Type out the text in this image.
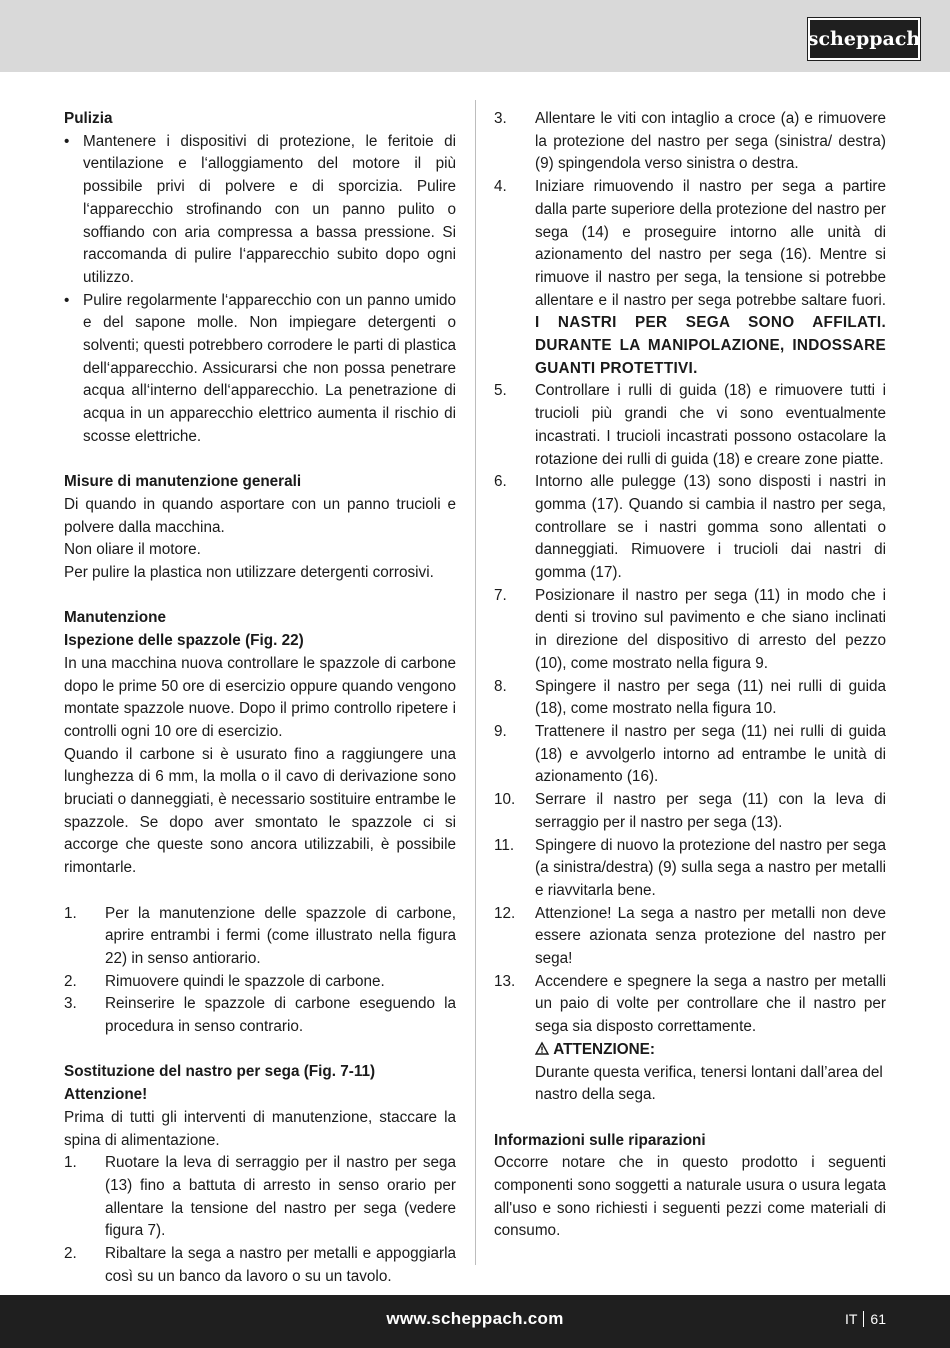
scheppach
Pulizia
• Mantenere i dispositivi di protezione, le feritoie di ventilazione e l‘alloggiamento del motore il più possibile privi di polvere e di sporcizia. Pulire l‘apparecchio strofinando con un panno pulito o soffiando con aria compressa a bassa pressione. Si raccomanda di pulire l‘apparecchio subito dopo ogni utilizzo.
• Pulire regolarmente l‘apparecchio con un panno umido e del sapone molle. Non impiegare detergenti o solventi; questi potrebbero corrodere le parti di plastica dell‘apparecchio. Assicurarsi che non possa penetrare acqua all‘interno dell‘apparecchio. La penetrazione di acqua in un apparecchio elettrico aumenta il rischio di scosse elettriche.
Misure di manutenzione generali

Di quando in quando asportare con un panno trucioli e polvere dalla macchina.

Non oliare il motore.

Per pulire la plastica non utilizzare detergenti corrosivi.

Manutenzione
Ispezione delle spazzole (Fig. 22)

In una macchina nuova controllare le spazzole di carbone dopo le prime 50 ore di esercizio oppure quando vengono montate spazzole nuove. Dopo il primo controllo ripetere i controlli ogni 10 ore di esercizio.

Quando il carbone si è usurato fino a raggiungere una lunghezza di 6 mm, la molla o il cavo di derivazione sono bruciati o danneggiati, è necessario sostituire entrambe le spazzole. Se dopo aver smontato le spazzole ci si accorge che queste sono ancora utilizzabili, è possibile rimontarle.

1. Per la manutenzione delle spazzole di carbone, aprire entrambi i fermi (come illustrato nella figura 22) in senso antiorario.
2. Rimuovere quindi le spazzole di carbone.
3. Reinserire le spazzole di carbone eseguendo la procedura in senso contrario.
Sostituzione del nastro per sega (Fig. 7-11)
Attenzione!

Prima di tutti gli interventi di manutenzione, staccare la spina di alimentazione.

1. Ruotare la leva di serraggio per il nastro per sega (13) fino a battuta di arresto in senso orario per allentare la tensione del nastro per sega (vedere figura 7).
2. Ribaltare la sega a nastro per metalli e appoggiarla così su un banco da lavoro o su un tavolo.
3. Allentare le viti con intaglio a croce (a) e rimuovere la protezione del nastro per sega (sinistra/ destra) (9) spingendola verso sinistra o destra.
4. Iniziare rimuovendo il nastro per sega a partire dalla parte superiore della protezione del nastro per sega (14) e proseguire intorno alle unità di azionamento del nastro per sega (16). Mentre si rimuove il nastro per sega, la tensione si potrebbe allentare e il nastro per sega potrebbe saltare fuori. I NASTRI PER SEGA SONO AFFILATI. DURANTE LA MANIPOLAZIONE, INDOSSARE GUANTI PROTETTIVI.
5. Controllare i rulli di guida (18) e rimuovere tutti i trucioli più grandi che vi sono eventualmente incastrati. I trucioli incastrati possono ostacolare la rotazione dei rulli di guida (18) e creare zone piatte.
6. Intorno alle pulegge (13) sono disposti i nastri in gomma (17). Quando si cambia il nastro per sega, controllare se i nastri gomma sono allentati o danneggiati. Rimuovere i trucioli dai nastri di gomma (17).
7. Posizionare il nastro per sega (11) in modo che i denti si trovino sul pavimento e che siano inclinati in direzione del dispositivo di arresto del pezzo (10), come mostrato nella figura 9.
8. Spingere il nastro per sega (11) nei rulli di guida (18), come mostrato nella figura 10.
9. Trattenere il nastro per sega (11) nei rulli di guida (18) e avvolgerlo intorno ad entrambe le unità di azionamento (16).
10. Serrare il nastro per sega (11) con la leva di serraggio per il nastro per sega (13).
11. Spingere di nuovo la protezione del nastro per sega (a sinistra/destra) (9) sulla sega a nastro per metalli e riavvitarla bene.
12. Attenzione! La sega a nastro per metalli non deve essere azionata senza protezione del nastro per sega!
13. Accendere e spegnere la sega a nastro per metalli un paio di volte per controllare che il nastro per sega sia disposto correttamente.
ATTENZIONE:

Durante questa verifica, tenersi lontani dall’area del nastro della sega.

Informazioni sulle riparazioni

Occorre notare che in questo prodotto i seguenti componenti sono soggetti a naturale usura o usura legata all'uso e sono richiesti i seguenti pezzi come materiali di consumo.

www.scheppach.com	IT 61
